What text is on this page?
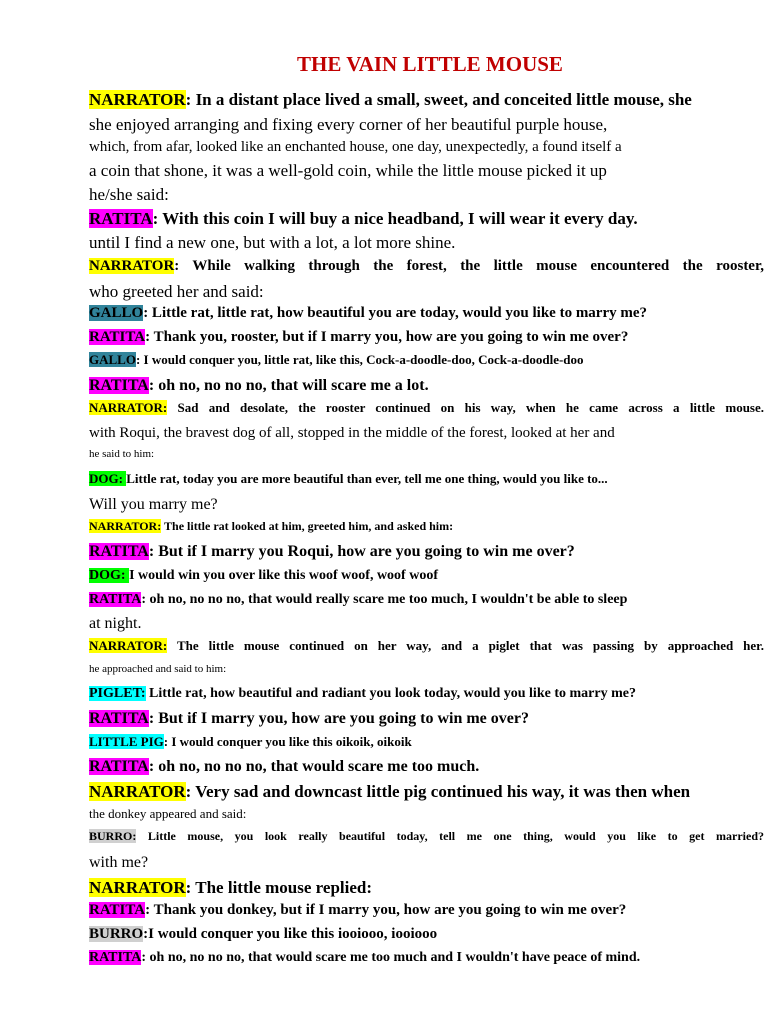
THE VAIN LITTLE MOUSE
NARRATOR: In a distant place lived a small, sweet, and conceited little mouse, she
she enjoyed arranging and fixing every corner of her beautiful purple house,
which, from afar, looked like an enchanted house, one day, unexpectedly, a found itself a
a coin that shone, it was a well-gold coin, while the little mouse picked it up
he/she said:
RATITA: With this coin I will buy a nice headband, I will wear it every day.
until I find a new one, but with a lot, a lot more shine.
NARRATOR: While walking through the forest, the little mouse encountered the rooster,
who greeted her and said:
GALLO: Little rat, little rat, how beautiful you are today, would you like to marry me?
RATITA: Thank you, rooster, but if I marry you, how are you going to win me over?
GALLO: I would conquer you, little rat, like this, Cock-a-doodle-doo, Cock-a-doodle-doo
RATITA: oh no, no no no, that will scare me a lot.
NARRATOR: Sad and desolate, the rooster continued on his way, when he came across a little mouse.
with Roqui, the bravest dog of all, stopped in the middle of the forest, looked at her and
he said to him:
DOG: Little rat, today you are more beautiful than ever, tell me one thing, would you like to...
Will you marry me?
NARRATOR: The little rat looked at him, greeted him, and asked him:
RATITA: But if I marry you Roqui, how are you going to win me over?
DOG: I would win you over like this woof woof, woof woof
RATITA: oh no, no no no, that would really scare me too much, I wouldn't be able to sleep
at night.
NARRATOR: The little mouse continued on her way, and a piglet that was passing by approached her.
he approached and said to him:
PIGLET: Little rat, how beautiful and radiant you look today, would you like to marry me?
RATITA: But if I marry you, how are you going to win me over?
LITTLE PIG: I would conquer you like this oikoik, oikoik
RATITA: oh no, no no no, that would scare me too much.
NARRATOR: Very sad and downcast little pig continued his way, it was then when
the donkey appeared and said:
BURRO: Little mouse, you look really beautiful today, tell me one thing, would you like to get married?
with me?
NARRATOR: The little mouse replied:
RATITA: Thank you donkey, but if I marry you, how are you going to win me over?
BURRO:I would conquer you like this iooiooo, iooiooo
RATITA: oh no, no no no, that would scare me too much and I wouldn't have peace of mind.
